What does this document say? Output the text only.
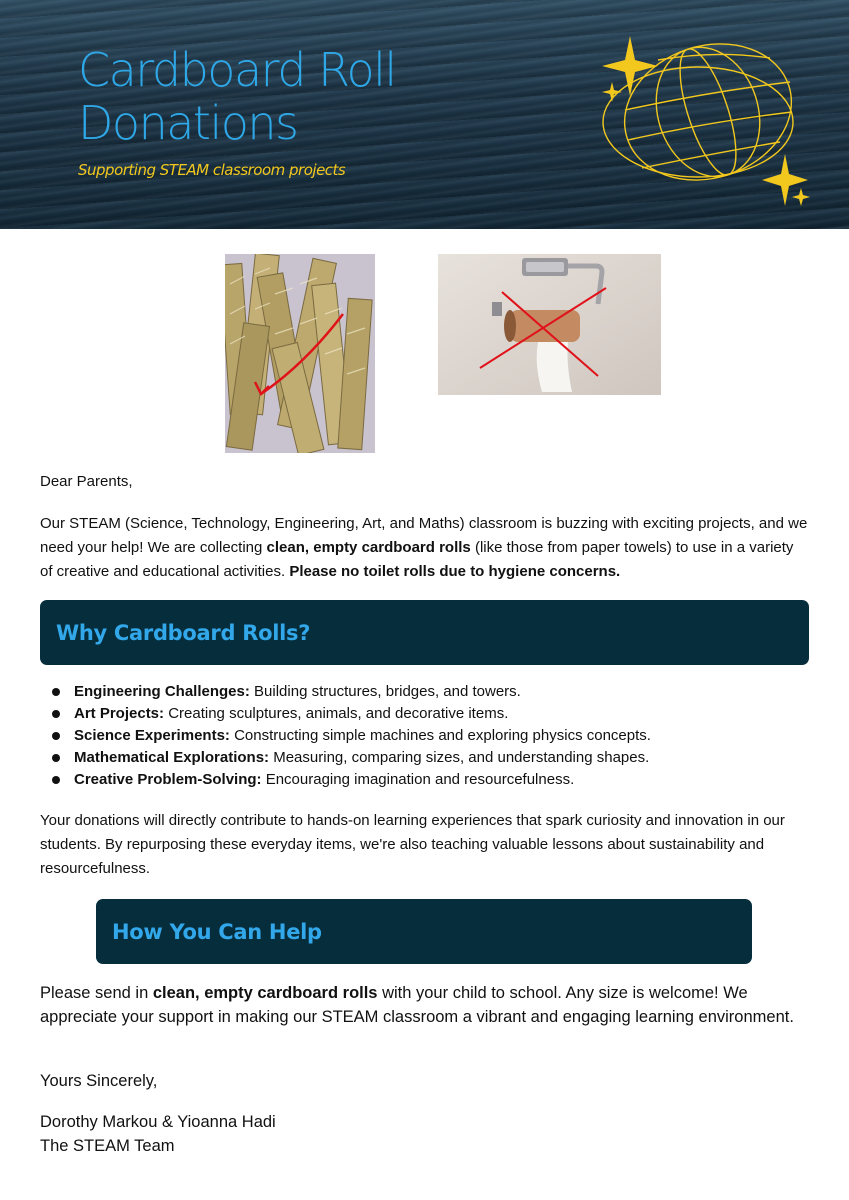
Cardboard Roll Donations
Supporting STEAM classroom projects
Dear Parents,
Our STEAM (Science, Technology, Engineering, Art, and Maths) classroom is buzzing with exciting projects, and we need your help! We are collecting clean, empty cardboard rolls (like those from paper towels) to use in a variety of creative and educational activities. Please no toilet rolls due to hygiene concerns.
Why Cardboard Rolls?
Engineering Challenges: Building structures, bridges, and towers.
Art Projects: Creating sculptures, animals, and decorative items.
Science Experiments: Constructing simple machines and exploring physics concepts.
Mathematical Explorations: Measuring, comparing sizes, and understanding shapes.
Creative Problem-Solving: Encouraging imagination and resourcefulness.
Your donations will directly contribute to hands-on learning experiences that spark curiosity and innovation in our students. By repurposing these everyday items, we're also teaching valuable lessons about sustainability and resourcefulness.
How You Can Help
Please send in clean, empty cardboard rolls with your child to school. Any size is welcome! We appreciate your support in making our STEAM classroom a vibrant and engaging learning environment.
Yours Sincerely,
Dorothy Markou & Yioanna Hadi
The STEAM Team
